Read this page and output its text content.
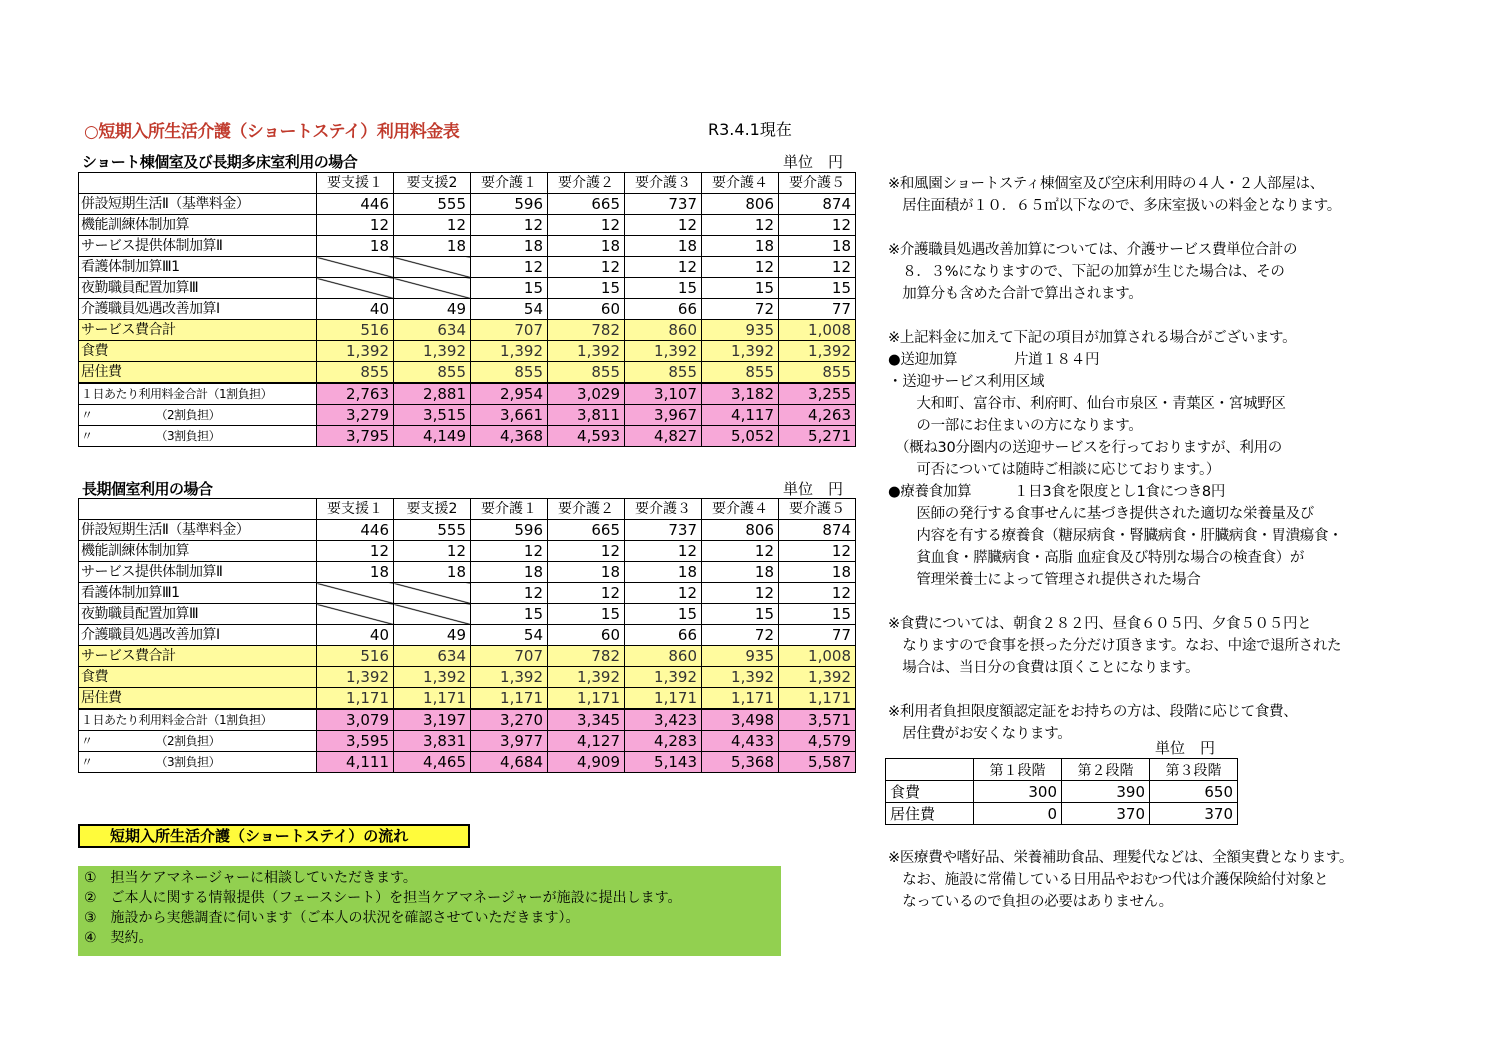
○短期入所生活介護（ショートステイ）利用料金表	R3.4.1現在
ショート棟個室及び長期多床室利用の場合	単位　円
	要支援１	要支援2	要介護１	要介護２	要介護３	要介護４	要介護５
併設短期生活Ⅱ（基準料金）	446	555	596	665	737	806	874
機能訓練体制加算	12	12	12	12	12	12	12
サービス提供体制加算Ⅱ	18	18	18	18	18	18	18
看護体制加算Ⅲ1			12	12	12	12	12
夜勤職員配置加算Ⅲ			15	15	15	15	15
介護職員処遇改善加算Ⅰ	40	49	54	60	66	72	77
サービス費合計	516	634	707	782	860	935	1,008
食費	1,392	1,392	1,392	1,392	1,392	1,392	1,392
居住費	855	855	855	855	855	855	855
１日あたり利用料金合計（1割負担）	2,763	2,881	2,954	3,029	3,107	3,182	3,255
〃　　　　　　（2割負担）	3,279	3,515	3,661	3,811	3,967	4,117	4,263
〃　　　　　　（3割負担）	3,795	4,149	4,368	4,593	4,827	5,052	5,271
長期個室利用の場合	単位　円
	要支援１	要支援2	要介護１	要介護２	要介護３	要介護４	要介護５
併設短期生活Ⅱ（基準料金）	446	555	596	665	737	806	874
機能訓練体制加算	12	12	12	12	12	12	12
サービス提供体制加算Ⅱ	18	18	18	18	18	18	18
看護体制加算Ⅲ1			12	12	12	12	12
夜勤職員配置加算Ⅲ			15	15	15	15	15
介護職員処遇改善加算Ⅰ	40	49	54	60	66	72	77
サービス費合計	516	634	707	782	860	935	1,008
食費	1,392	1,392	1,392	1,392	1,392	1,392	1,392
居住費	1,171	1,171	1,171	1,171	1,171	1,171	1,171
１日あたり利用料金合計（1割負担）	3,079	3,197	3,270	3,345	3,423	3,498	3,571
〃　　　　　　（2割負担）	3,595	3,831	3,977	4,127	4,283	4,433	4,579
〃　　　　　　（3割負担）	4,111	4,465	4,684	4,909	5,143	5,368	5,587
※和風園ショートスティ棟個室及び空床利用時の４人・２人部屋は、
　居住面積が１０．６５㎡以下なので、多床室扱いの料金となります。

※介護職員処遇改善加算については、介護サービス費単位合計の
　８．３%になりますので、下記の加算が生じた場合は、その
　加算分も含めた合計で算出されます。

※上記料金に加えて下記の項目が加算される場合がございます。
●送迎加算　　　　片道１８４円
・送迎サービス利用区域
　　大和町、富谷市、利府町、仙台市泉区・青葉区・宮城野区
　　の一部にお住まいの方になります。
　（概ね30分圏内の送迎サービスを行っておりますが、利用の
　　可否については随時ご相談に応じております。）
●療養食加算　　　１日3食を限度とし1食につき8円
　　医師の発行する食事せんに基づき提供された適切な栄養量及び
　　内容を有する療養食（糖尿病食・腎臓病食・肝臓病食・胃潰瘍食・
　　貧血食・膵臓病食・高脂 血症食及び特別な場合の検査食）が
　　管理栄養士によって管理され提供された場合

※食費については、朝食２８２円、昼食６０５円、夕食５０５円と
　なりますので食事を摂った分だけ頂きます。なお、中途で退所された
　場合は、当日分の食費は頂くことになります。

※利用者負担限度額認定証をお持ちの方は、段階に応じて食費、
　居住費がお安くなります。
単位　円
	第１段階	第２段階	第３段階
食費	300	390	650
居住費	0	370	370
※医療費や嗜好品、栄養補助食品、理髪代などは、全額実費となります。
　なお、施設に常備している日用品やおむつ代は介護保険給付対象と
　なっているので負担の必要はありません。
短期入所生活介護（ショートステイ）の流れ
①　担当ケアマネージャーに相談していただきます。
②　ご本人に関する情報提供（フェースシート）を担当ケアマネージャーが施設に提出します。
③　施設から実態調査に伺います（ご本人の状況を確認させていただきます）。
④　契約。
